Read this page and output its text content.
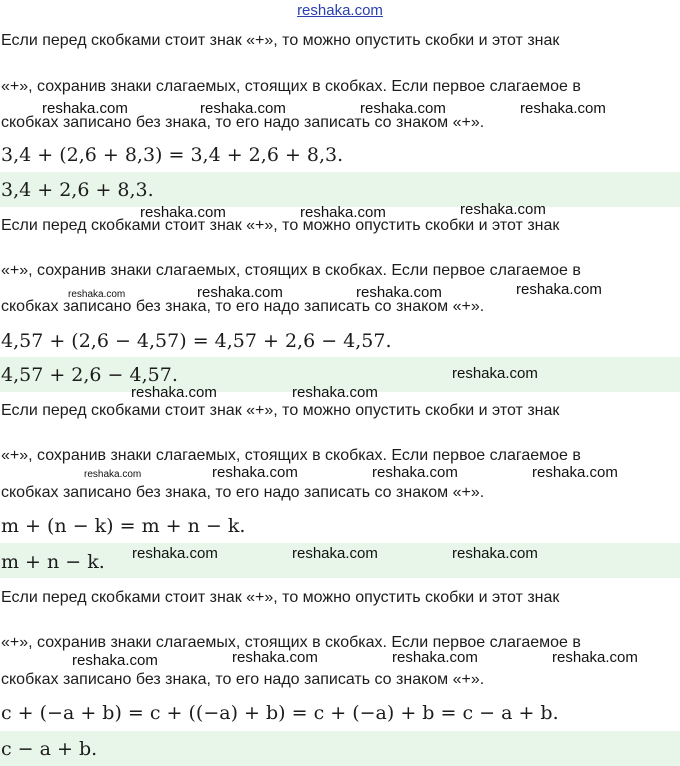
reshaka.com
Если перед скобками стоит знак «+», то можно опустить скобки и этот знак
«+», сохранив знаки слагаемых, стоящих в скобках. Если первое слагаемое в
скобках записано без знака, то его надо записать со знаком «+».
3,4 + (2,6 + 8,3) = 3,4 + 2,6 + 8,3.
3,4 + 2,6 + 8,3.
Если перед скобками стоит знак «+», то можно опустить скобки и этот знак
«+», сохранив знаки слагаемых, стоящих в скобках. Если первое слагаемое в
скобках записано без знака, то его надо записать со знаком «+».
4,57 + (2,6 − 4,57) = 4,57 + 2,6 − 4,57.
4,57 + 2,6 − 4,57.
Если перед скобками стоит знак «+», то можно опустить скобки и этот знак
«+», сохранив знаки слагаемых, стоящих в скобках. Если первое слагаемое в
скобках записано без знака, то его надо записать со знаком «+».
m + (n − k) = m + n − k.
m + n − k.
Если перед скобками стоит знак «+», то можно опустить скобки и этот знак
«+», сохранив знаки слагаемых, стоящих в скобках. Если первое слагаемое в
скобках записано без знака, то его надо записать со знаком «+».
c + (−a + b) = c + ((−a) + b) = c + (−a) + b = c − a + b.
c − a + b.
reshaka.com	reshaka.com	reshaka.com	reshaka.com
reshaka.com	reshaka.com	reshaka.com
reshaka.com	reshaka.com	reshaka.com	reshaka.com
reshaka.com
reshaka.com	reshaka.com
reshaka.com	reshaka.com	reshaka.com	reshaka.com
reshaka.com	reshaka.com	reshaka.com
reshaka.com	reshaka.com	reshaka.com	reshaka.com
